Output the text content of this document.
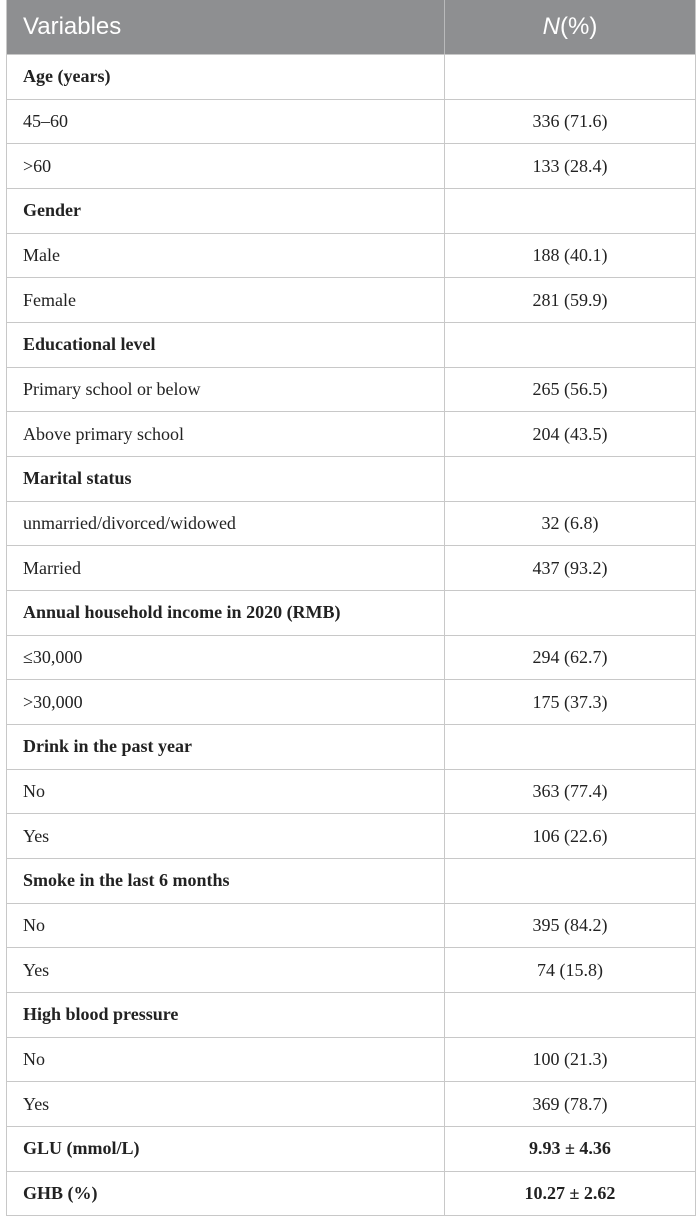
Variables	N (%)
Age (years)
45–60	336 (71.6)
>60	133 (28.4)
Gender
Male	188 (40.1)
Female	281 (59.9)
Educational level
Primary school or below	265 (56.5)
Above primary school	204 (43.5)
Marital status
unmarried/divorced/widowed	32 (6.8)
Married	437 (93.2)
Annual household income in 2020 (RMB)
≤30,000	294 (62.7)
>30,000	175 (37.3)
Drink in the past year
No	363 (77.4)
Yes	106 (22.6)
Smoke in the last 6 months
No	395 (84.2)
Yes	74 (15.8)
High blood pressure
No	100 (21.3)
Yes	369 (78.7)
GLU (mmol/L)	9.93 ± 4.36
GHB (%)	10.27 ± 2.62
